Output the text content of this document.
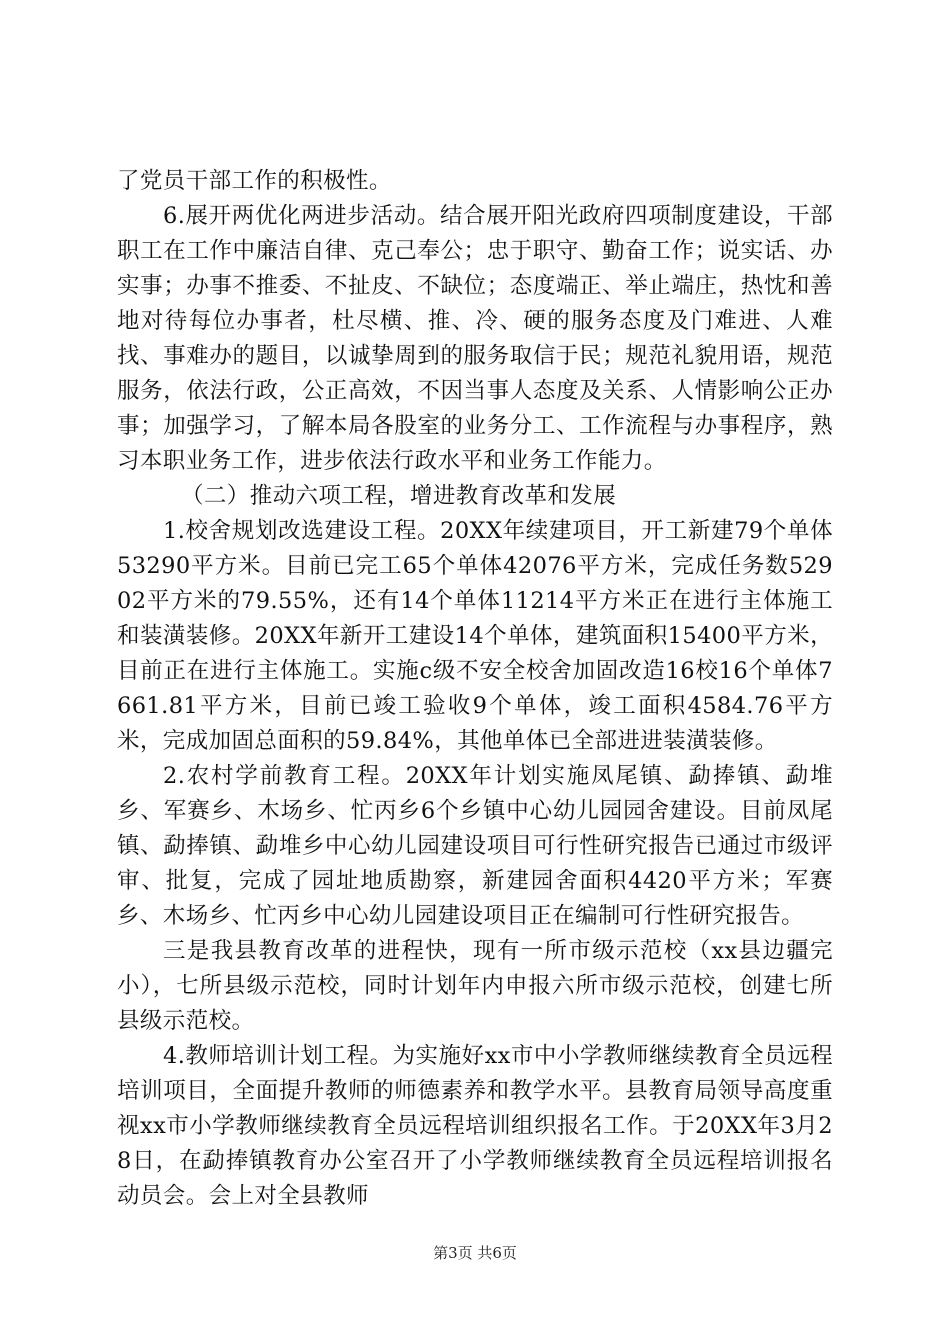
了党员干部工作的积极性。

6.展开两优化两进步活动。结合展开阳光政府四项制度建设，干部职工在工作中廉洁自律、克己奉公；忠于职守、勤奋工作；说实话、办实事；办事不推委、不扯皮、不缺位；态度端正、举止端庄，热忱和善地对待每位办事者，杜尽横、推、冷、硬的服务态度及门难进、人难找、事难办的题目，以诚挚周到的服务取信于民；规范礼貌用语，规范服务，依法行政，公正高效，不因当事人态度及关系、人情影响公正办事；加强学习，了解本局各股室的业务分工、工作流程与办事程序，熟习本职业务工作，进步依法行政水平和业务工作能力。

（二）推动六项工程，增进教育改革和发展

1.校舍规划改选建设工程。20XX年续建项目，开工新建79个单体53290平方米。目前已完工65个单体42076平方米，完成任务数52902平方米的79.55%，还有14个单体11214平方米正在进行主体施工和装潢装修。20XX年新开工建设14个单体，建筑面积15400平方米，目前正在进行主体施工。实施c级不安全校舍加固改造16校16个单体7661.81平方米，目前已竣工验收9个单体，竣工面积4584.76平方米，完成加固总面积的59.84%，其他单体已全部进进装潢装修。

2.农村学前教育工程。20XX年计划实施凤尾镇、勐捧镇、勐堆乡、军赛乡、木场乡、忙丙乡6个乡镇中心幼儿园园舍建设。目前凤尾镇、勐捧镇、勐堆乡中心幼儿园建设项目可行性研究报告已通过市级评审、批复，完成了园址地质勘察，新建园舍面积4420平方米；军赛乡、木场乡、忙丙乡中心幼儿园建设项目正在编制可行性研究报告。

三是我县教育改革的进程快，现有一所市级示范校（xx县边疆完小），七所县级示范校，同时计划年内申报六所市级示范校，创建七所县级示范校。

4.教师培训计划工程。为实施好xx市中小学教师继续教育全员远程培训项目，全面提升教师的师德素养和教学水平。县教育局领导高度重视xx市小学教师继续教育全员远程培训组织报名工作。于20XX年3月28日，在勐捧镇教育办公室召开了小学教师继续教育全员远程培训报名动员会。会上对全县教师

第3页 共6页
